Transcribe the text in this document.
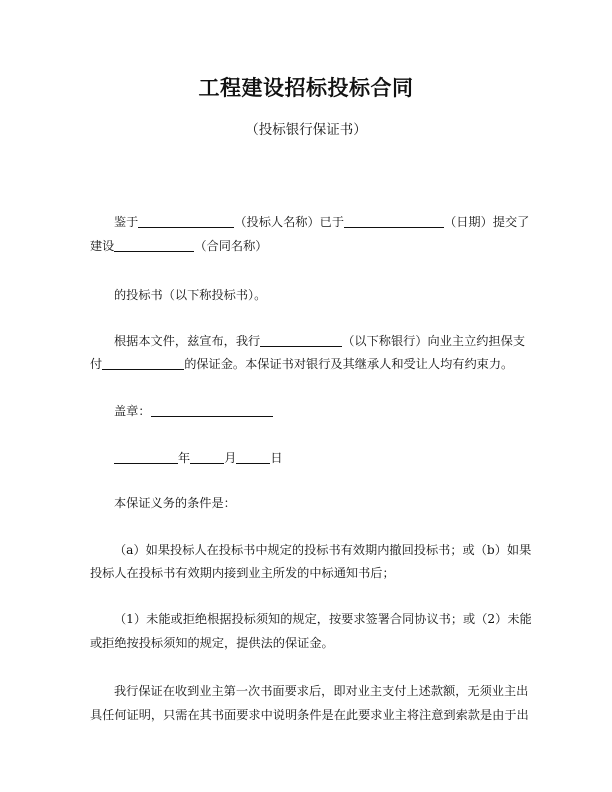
工程建设招标投标合同
（投标银行保证书）
鉴于	（投标人名称）已于	（日期）提交了
建设	（合同名称）
的投标书（以下称投标书）。
根据本文件，兹宣布，我行	（以下称银行）向业主立约担保支
付	的保证金。本保证书对银行及其继承人和受让人均有约束力。
盖章：
年	月	日
本保证义务的条件是：
（a）如果投标人在投标书中规定的投标书有效期内撤回投标书；或（b）如果
投标人在投标书有效期内接到业主所发的中标通知书后；
（1）未能或拒绝根据投标须知的规定，按要求签署合同协议书；或（2）未能
或拒绝按投标须知的规定，提供法的保证金。
我行保证在收到业主第一次书面要求后，即对业主支付上述款额，无须业主出
具任何证明，只需在其书面要求中说明条件是在此要求业主将注意到索款是由于出
